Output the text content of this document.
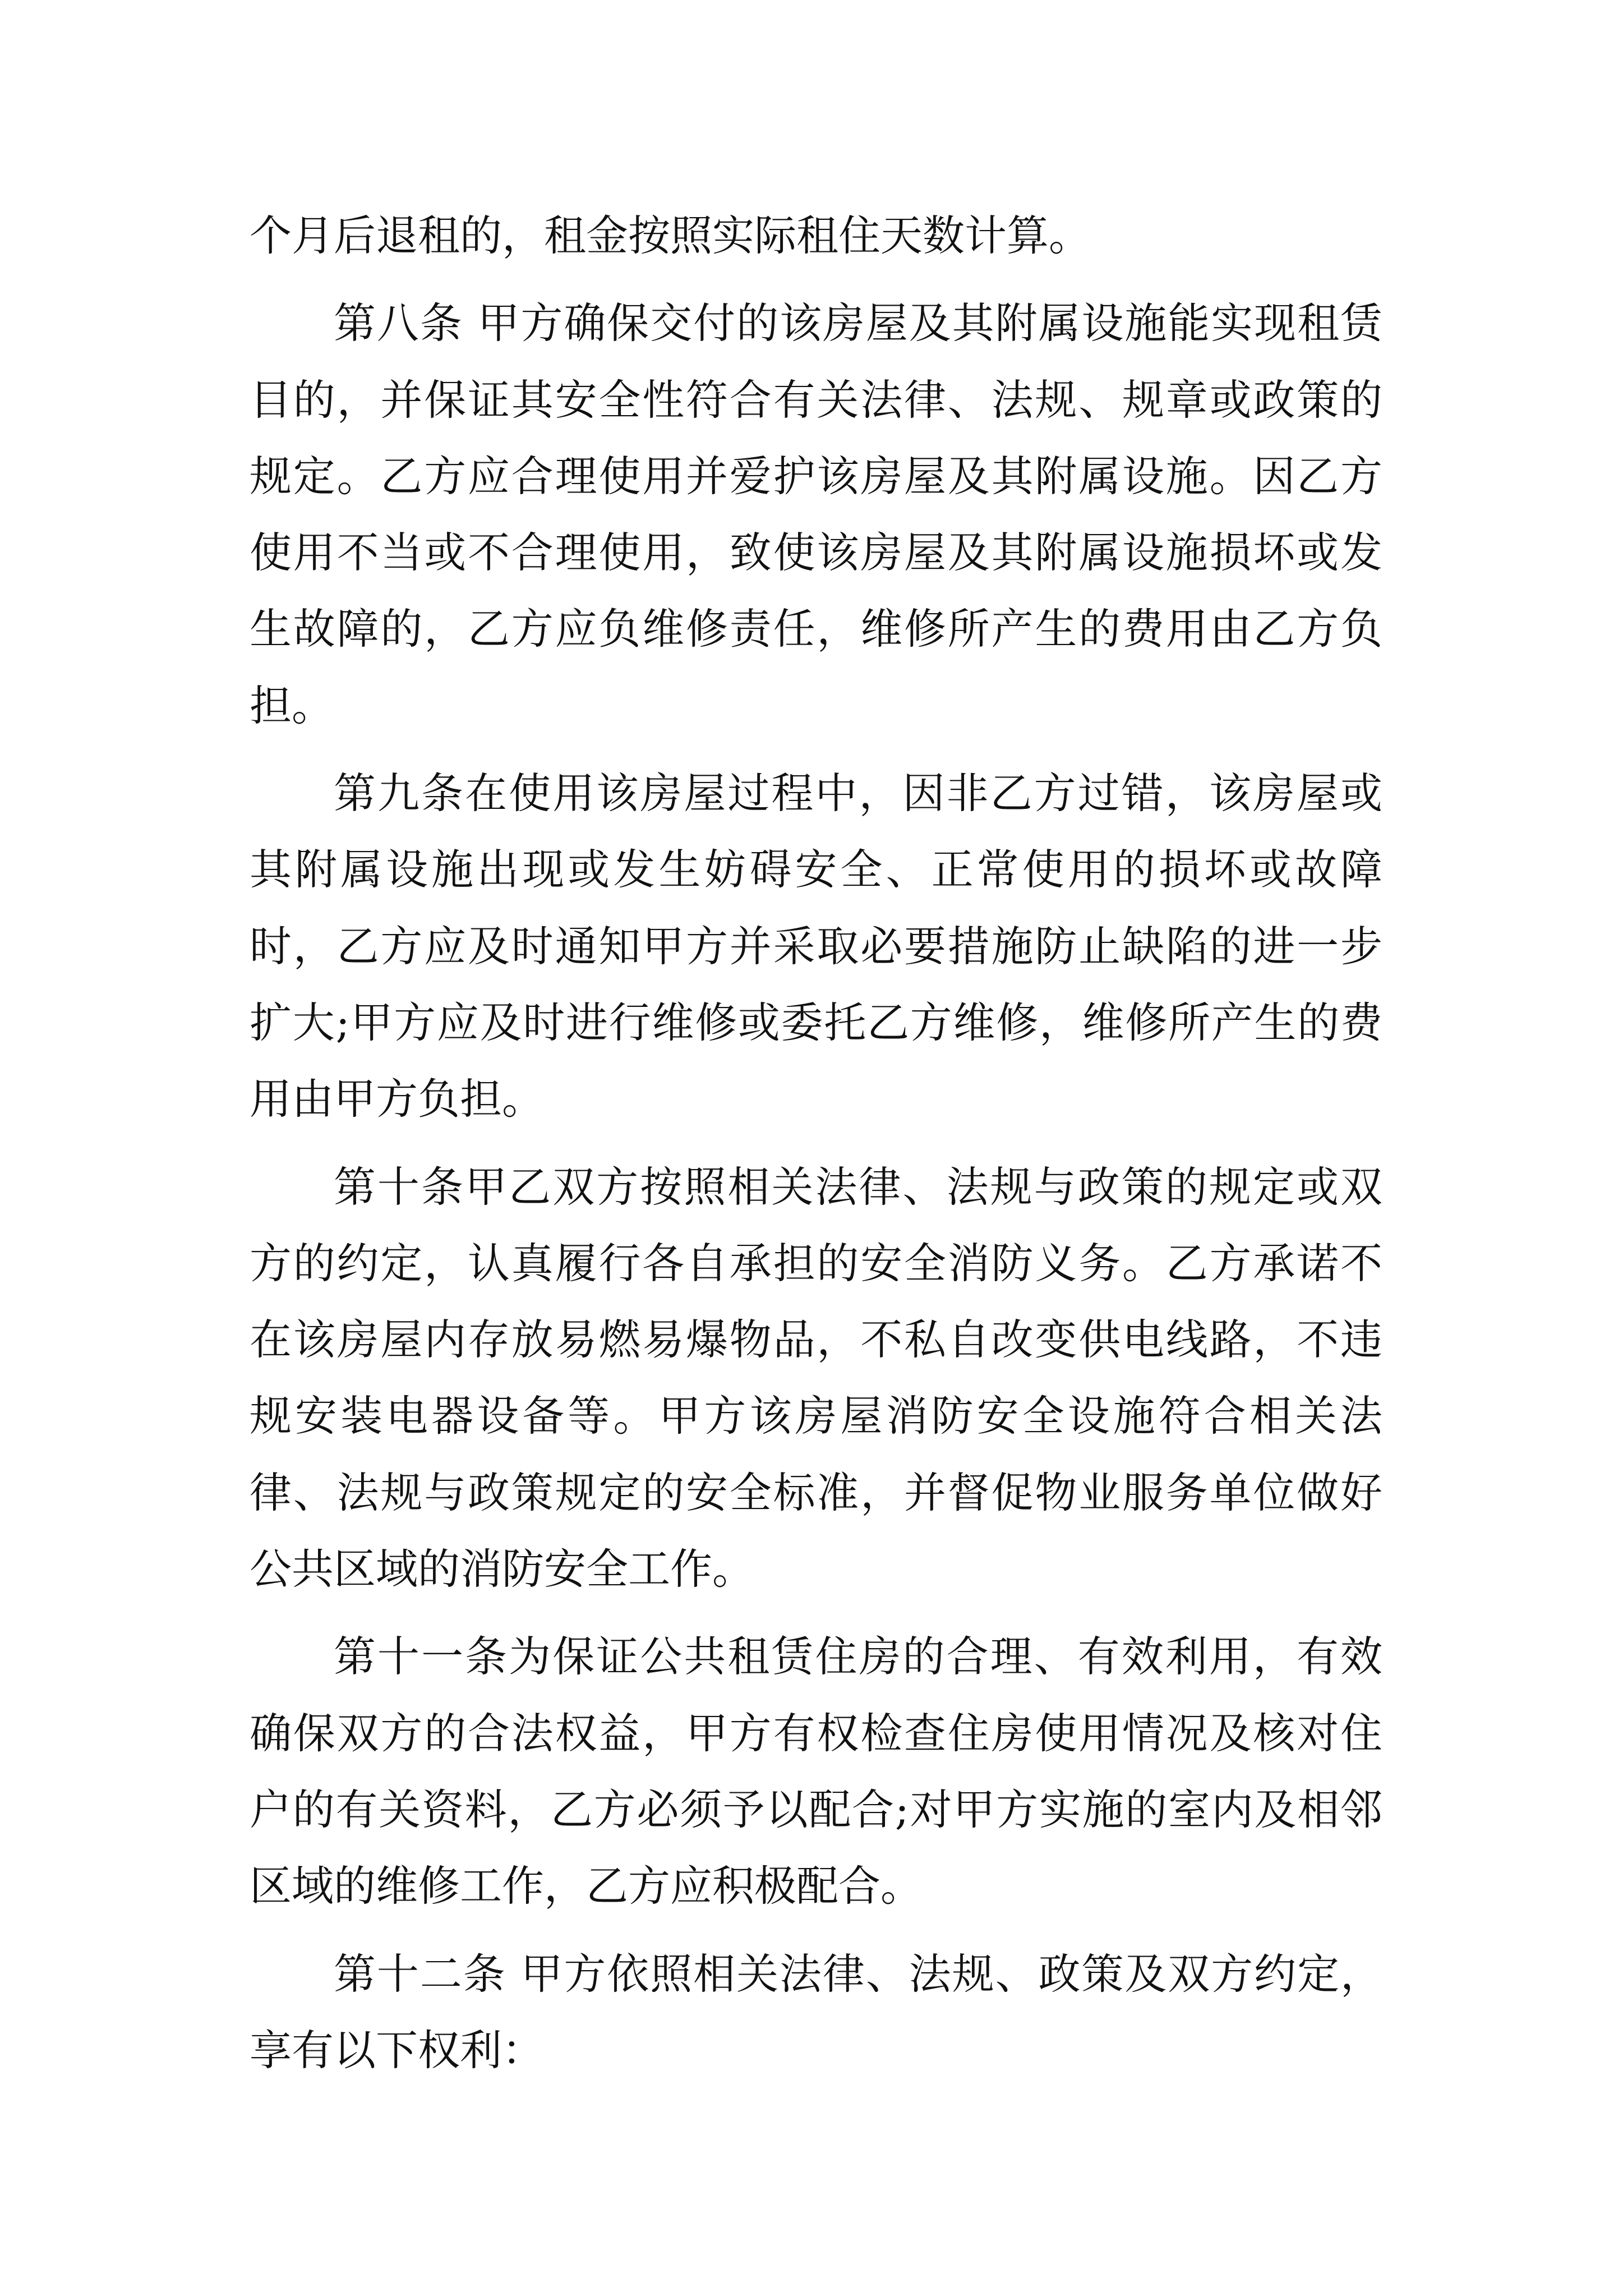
个月后退租的，租金按照实际租住天数计算。

第八条 甲方确保交付的该房屋及其附属设施能实现租赁目的，并保证其安全性符合有关法律、法规、规章或政策的规定。乙方应合理使用并爱护该房屋及其附属设施。因乙方使用不当或不合理使用，致使该房屋及其附属设施损坏或发生故障的，乙方应负维修责任，维修所产生的费用由乙方负担。

第九条在使用该房屋过程中，因非乙方过错，该房屋或其附属设施出现或发生妨碍安全、正常使用的损坏或故障时，乙方应及时通知甲方并采取必要措施防止缺陷的进一步扩大;甲方应及时进行维修或委托乙方维修，维修所产生的费用由甲方负担。

第十条甲乙双方按照相关法律、法规与政策的规定或双方的约定，认真履行各自承担的安全消防义务。乙方承诺不在该房屋内存放易燃易爆物品，不私自改变供电线路，不违规安装电器设备等。甲方该房屋消防安全设施符合相关法律、法规与政策规定的安全标准，并督促物业服务单位做好公共区域的消防安全工作。

第十一条为保证公共租赁住房的合理、有效利用，有效确保双方的合法权益，甲方有权检查住房使用情况及核对住户的有关资料，乙方必须予以配合;对甲方实施的室内及相邻区域的维修工作，乙方应积极配合。

第十二条 甲方依照相关法律、法规、政策及双方约定，享有以下权利：
